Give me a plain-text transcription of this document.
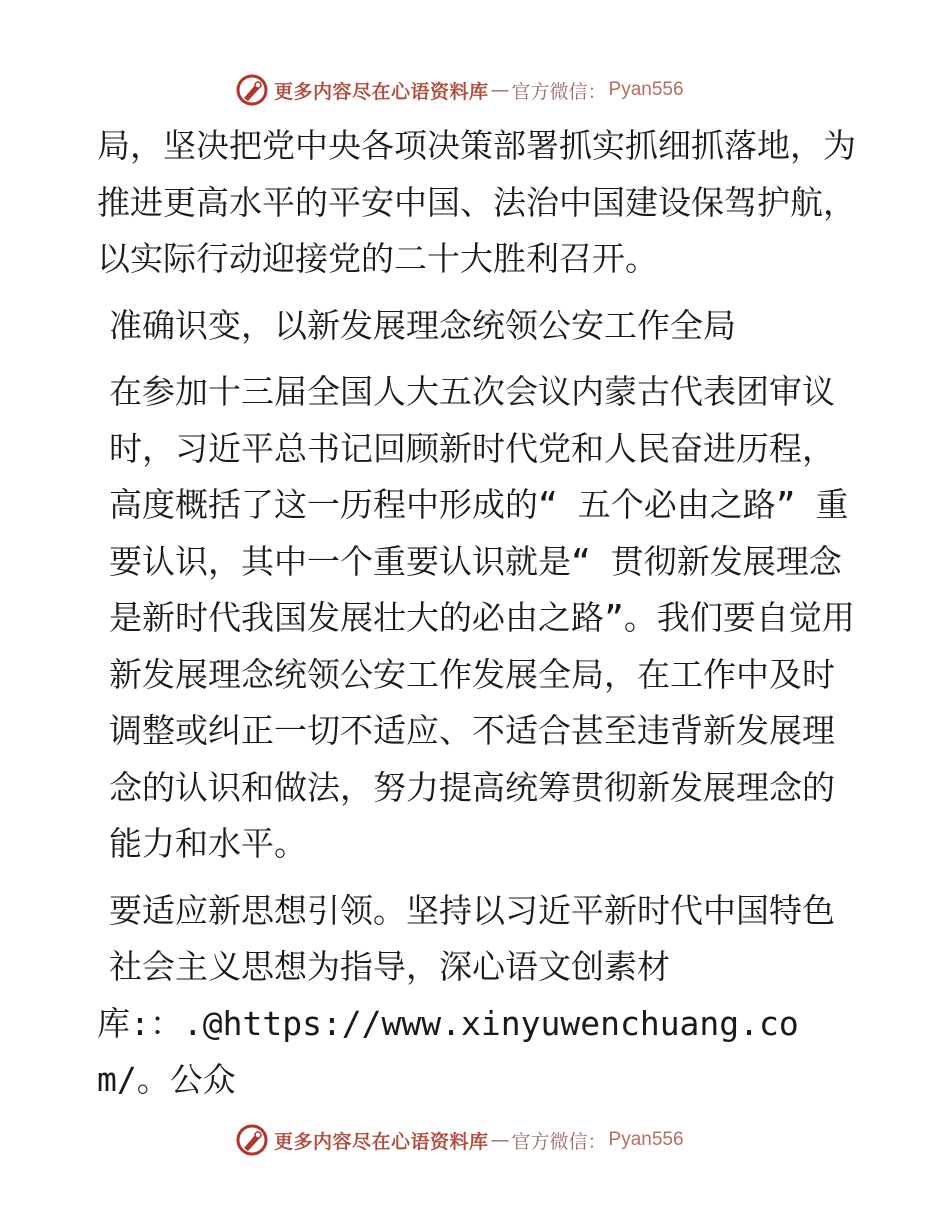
更多内容尽在心语资料库 — 官方微信： Pyan556

局，坚决把党中央各项决策部署抓实抓细抓落地，为推进更高水平的平安中国、法治中国建设保驾护航，以实际行动迎接党的二十大胜利召开。

准确识变，以新发展理念统领公安工作全局

在参加十三届全国人大五次会议内蒙古代表团审议时，习近平总书记回顾新时代党和人民奋进历程，高度概括了这一历程中形成的“ 五个必由之路” 重要认识，其中一个重要认识就是“ 贯彻新发展理念是新时代我国发展壮大的必由之路”。我们要自觉用新发展理念统领公安工作发展全局，在工作中及时调整或纠正一切不适应、不适合甚至违背新发展理念的认识和做法，努力提高统筹贯彻新发展理念的能力和水平。

要适应新思想引领。坚持以习近平新时代中国特色社会主义思想为指导，深心语文创素材

库:：.@https://www.xinyuwenchuang.com/。公众

更多内容尽在心语资料库 — 官方微信： Pyan556
